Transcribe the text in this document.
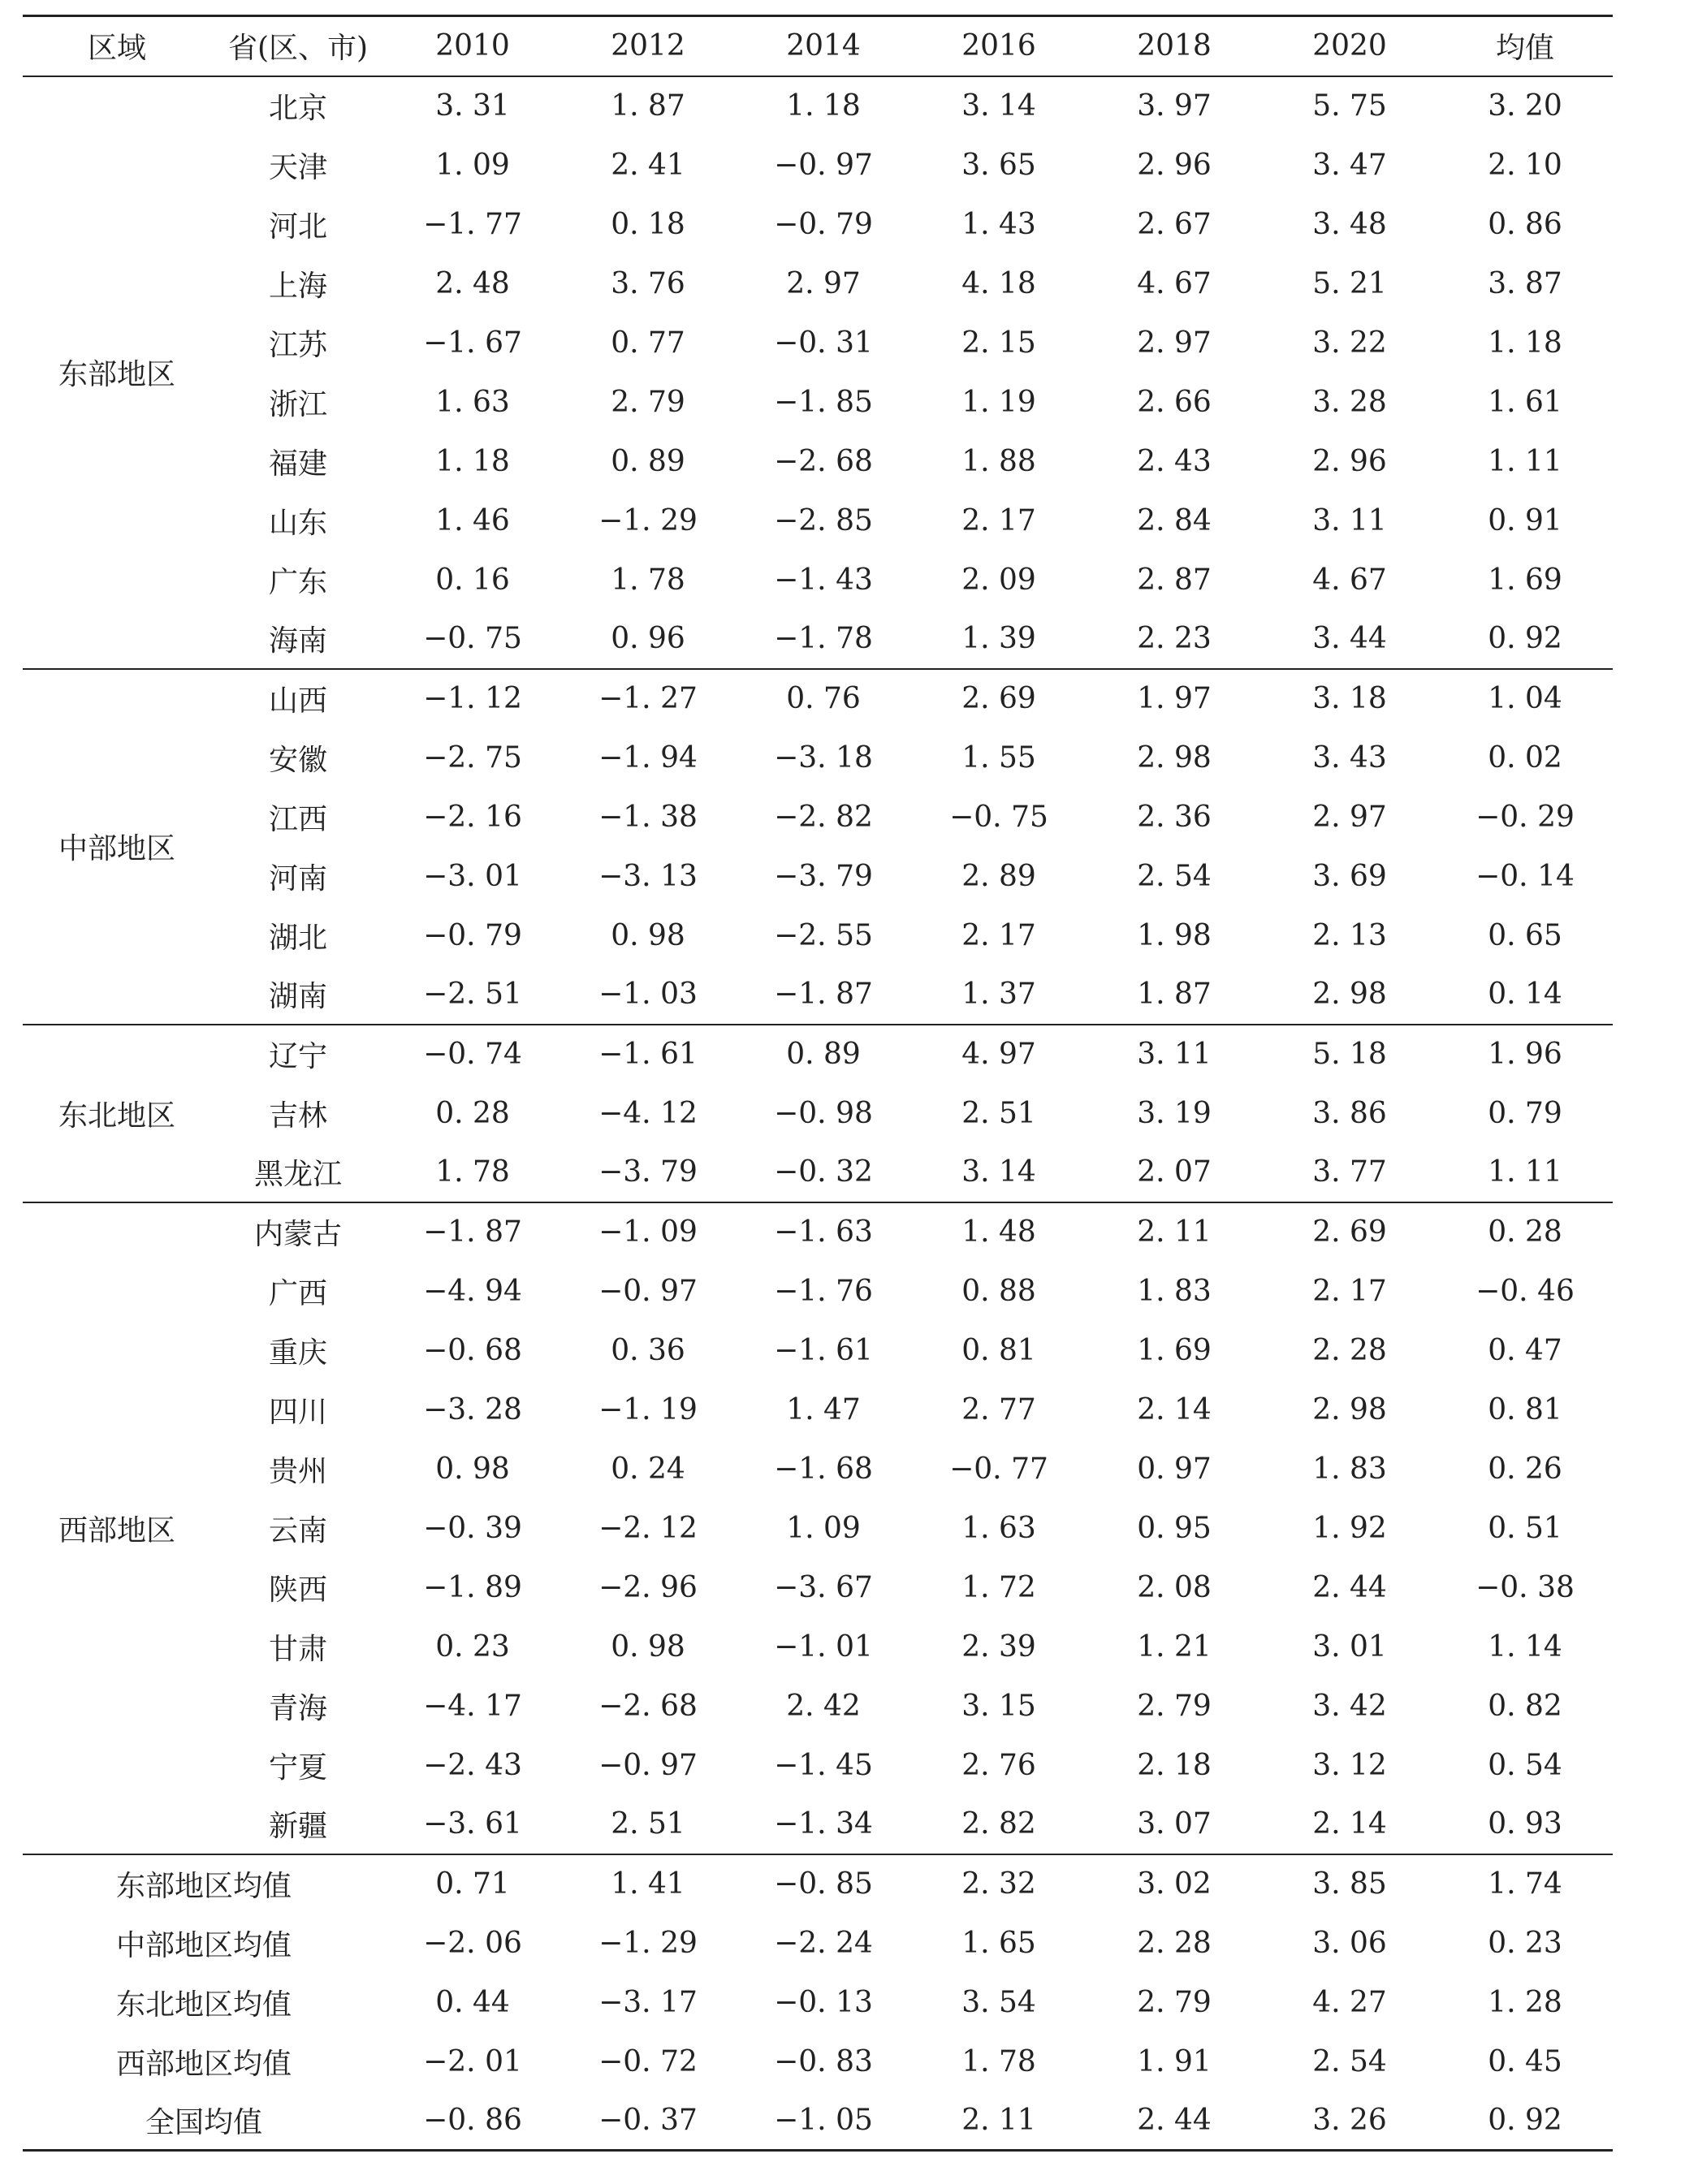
区域	省(区、市)	2010	2012	2014	2016	2018	2020	均值
东部地区	北京	3. 31	1. 87	1. 18	3. 14	3. 97	5. 75	3. 20
	天津	1. 09	2. 41	−0. 97	3. 65	2. 96	3. 47	2. 10
	河北	−1. 77	0. 18	−0. 79	1. 43	2. 67	3. 48	0. 86
	上海	2. 48	3. 76	2. 97	4. 18	4. 67	5. 21	3. 87
	江苏	−1. 67	0. 77	−0. 31	2. 15	2. 97	3. 22	1. 18
	浙江	1. 63	2. 79	−1. 85	1. 19	2. 66	3. 28	1. 61
	福建	1. 18	0. 89	−2. 68	1. 88	2. 43	2. 96	1. 11
	山东	1. 46	−1. 29	−2. 85	2. 17	2. 84	3. 11	0. 91
	广东	0. 16	1. 78	−1. 43	2. 09	2. 87	4. 67	1. 69
	海南	−0. 75	0. 96	−1. 78	1. 39	2. 23	3. 44	0. 92
中部地区	山西	−1. 12	−1. 27	0. 76	2. 69	1. 97	3. 18	1. 04
	安徽	−2. 75	−1. 94	−3. 18	1. 55	2. 98	3. 43	0. 02
	江西	−2. 16	−1. 38	−2. 82	−0. 75	2. 36	2. 97	−0. 29
	河南	−3. 01	−3. 13	−3. 79	2. 89	2. 54	3. 69	−0. 14
	湖北	−0. 79	0. 98	−2. 55	2. 17	1. 98	2. 13	0. 65
	湖南	−2. 51	−1. 03	−1. 87	1. 37	1. 87	2. 98	0. 14
东北地区	辽宁	−0. 74	−1. 61	0. 89	4. 97	3. 11	5. 18	1. 96
	吉林	0. 28	−4. 12	−0. 98	2. 51	3. 19	3. 86	0. 79
	黑龙江	1. 78	−3. 79	−0. 32	3. 14	2. 07	3. 77	1. 11
西部地区	内蒙古	−1. 87	−1. 09	−1. 63	1. 48	2. 11	2. 69	0. 28
	广西	−4. 94	−0. 97	−1. 76	0. 88	1. 83	2. 17	−0. 46
	重庆	−0. 68	0. 36	−1. 61	0. 81	1. 69	2. 28	0. 47
	四川	−3. 28	−1. 19	1. 47	2. 77	2. 14	2. 98	0. 81
	贵州	0. 98	0. 24	−1. 68	−0. 77	0. 97	1. 83	0. 26
	云南	−0. 39	−2. 12	1. 09	1. 63	0. 95	1. 92	0. 51
	陕西	−1. 89	−2. 96	−3. 67	1. 72	2. 08	2. 44	−0. 38
	甘肃	0. 23	0. 98	−1. 01	2. 39	1. 21	3. 01	1. 14
	青海	−4. 17	−2. 68	2. 42	3. 15	2. 79	3. 42	0. 82
	宁夏	−2. 43	−0. 97	−1. 45	2. 76	2. 18	3. 12	0. 54
	新疆	−3. 61	2. 51	−1. 34	2. 82	3. 07	2. 14	0. 93
东部地区均值		0. 71	1. 41	−0. 85	2. 32	3. 02	3. 85	1. 74
中部地区均值		−2. 06	−1. 29	−2. 24	1. 65	2. 28	3. 06	0. 23
东北地区均值		0. 44	−3. 17	−0. 13	3. 54	2. 79	4. 27	1. 28
西部地区均值		−2. 01	−0. 72	−0. 83	1. 78	1. 91	2. 54	0. 45
全国均值		−0. 86	−0. 37	−1. 05	2. 11	2. 44	3. 26	0. 92
